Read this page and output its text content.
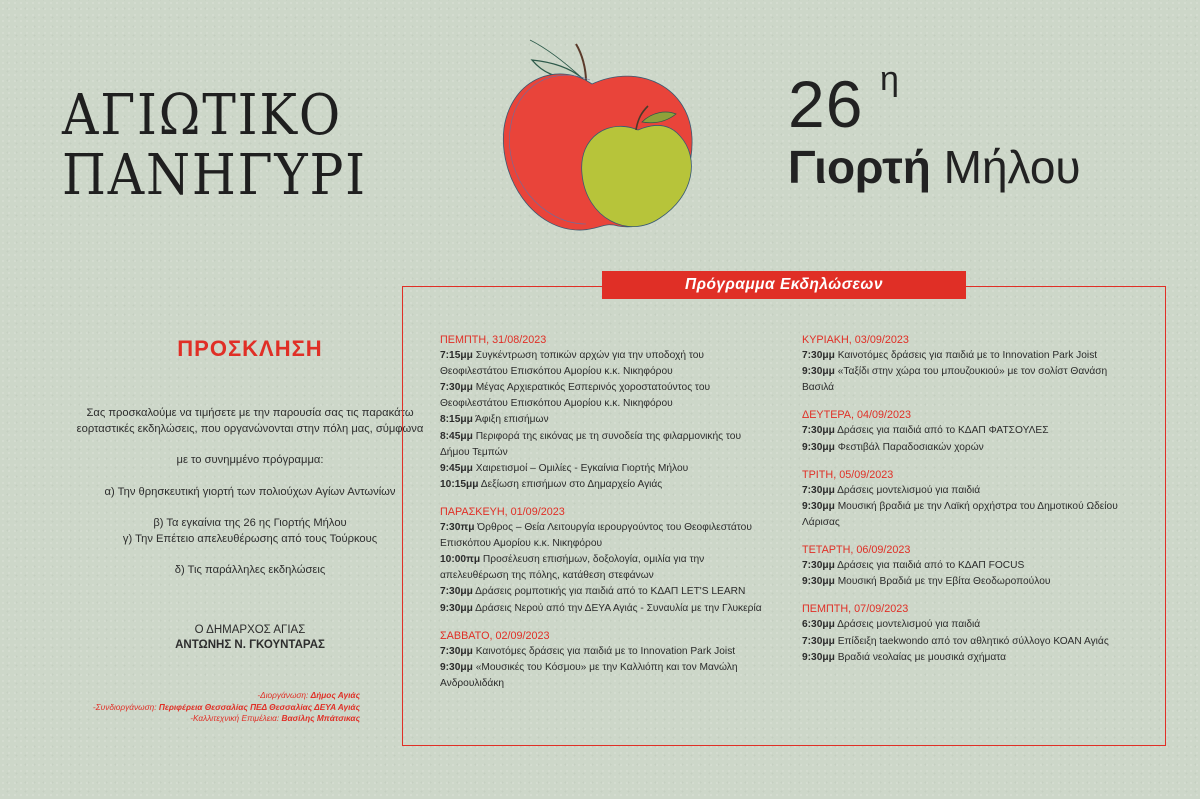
ΑΓΙΩΤΙΚΟ
ΠΑΝΗΓΥΡΙ
26 η
Γιορτή Μήλου
ΠΡΟΣΚΛΗΣΗ

Σας προσκαλούμε να τιμήσετε με την παρουσία σας τις παρακάτω

εορταστικές εκδηλώσεις, που οργανώνονται στην πόλη μας, σύμφωνα

με το συνημμένο πρόγραμμα:

α) Την θρησκευτική γιορτή των πολιούχων Αγίων Αντωνίων

β) Τα εγκαίνια της 26 ης Γιορτής Μήλου

γ) Την Επέτειο απελευθέρωσης από τους Τούρκους

δ) Τις παράλληλες εκδηλώσεις

Ο ΔΗΜΑΡΧΟΣ ΑΓΙΑΣ
ΑΝΤΩΝΗΣ Ν. ΓΚΟΥΝΤΑΡΑΣ
-Διοργάνωση: Δήμος Αγιάς
-Συνδιοργάνωση: Περιφέρεια Θεσσαλίας ΠΕΔ Θεσσαλίας ΔΕΥΑ Αγιάς
-Καλλιτεχνική Επιμέλεια: Βασίλης Μπάτσικας
Πρόγραμμα Εκδηλώσεων
ΠΕΜΠΤΗ, 31/08/2023
7:15μμ Συγκέντρωση τοπικών αρχών για την υποδοχή του
Θεοφιλεστάτου Επισκόπου Αμορίου κ.κ. Νικηφόρου
7:30μμ Μέγας Αρχιερατικός Εσπερινός χοροστατούντος του
Θεοφιλεστάτου Επισκόπου Αμορίου κ.κ. Νικηφόρου
8:15μμ Άφιξη επισήμων
8:45μμ Περιφορά της εικόνας με τη συνοδεία της φιλαρμονικής του
Δήμου Τεμπών
9:45μμ Χαιρετισμοί – Ομιλίες - Εγκαίνια Γιορτής Μήλου
10:15μμ Δεξίωση επισήμων στο Δημαρχείο Αγιάς
ΠΑΡΑΣΚΕΥΗ, 01/09/2023
7:30πμ Όρθρος – Θεία Λειτουργία ιερουργούντος του Θεοφιλεστάτου
Επισκόπου Αμορίου κ.κ. Νικηφόρου
10:00πμ Προσέλευση επισήμων, δοξολογία, ομιλία για την
απελευθέρωση της πόλης, κατάθεση στεφάνων
7:30μμ Δράσεις ρομποτικής για παιδιά από το ΚΔΑΠ LET'S LEARN
9:30μμ Δράσεις Νερού από την ΔΕΥΑ Αγιάς - Συναυλία με την Γλυκερία
ΣΑΒΒΑΤΟ, 02/09/2023
7:30μμ Καινοτόμες δράσεις για παιδιά με το Innovation Park Joist
9:30μμ «Μουσικές του Κόσμου» με την Καλλιόπη και τον Μανώλη
Ανδρουλιδάκη
ΚΥΡΙΑΚΗ, 03/09/2023
7:30μμ Καινοτόμες δράσεις για παιδιά με το Innovation Park Joist
9:30μμ «Ταξίδι στην χώρα του μπουζουκιού» με τον σολίστ Θανάση
Βασιλά
ΔΕΥΤΕΡΑ, 04/09/2023
7:30μμ Δράσεις για παιδιά από το ΚΔΑΠ ΦΑΤΣΟΥΛΕΣ
9:30μμ Φεστιβάλ Παραδοσιακών χορών
ΤΡΙΤΗ, 05/09/2023
7:30μμ Δράσεις μοντελισμού για παιδιά
9:30μμ Μουσική βραδιά με την Λαϊκή ορχήστρα του Δημοτικού Ωδείου
Λάρισας
ΤΕΤΑΡΤΗ, 06/09/2023
7:30μμ Δράσεις για παιδιά από το ΚΔΑΠ FOCUS
9:30μμ Μουσική Βραδιά με την Εβίτα Θεοδωροπούλου
ΠΕΜΠΤΗ, 07/09/2023
6:30μμ Δράσεις μοντελισμού για παιδιά
7:30μμ Επίδειξη taekwondo από τον αθλητικό σύλλογο ΚΟΑΝ Αγιάς
9:30μμ Βραδιά νεολαίας με μουσικά σχήματα
